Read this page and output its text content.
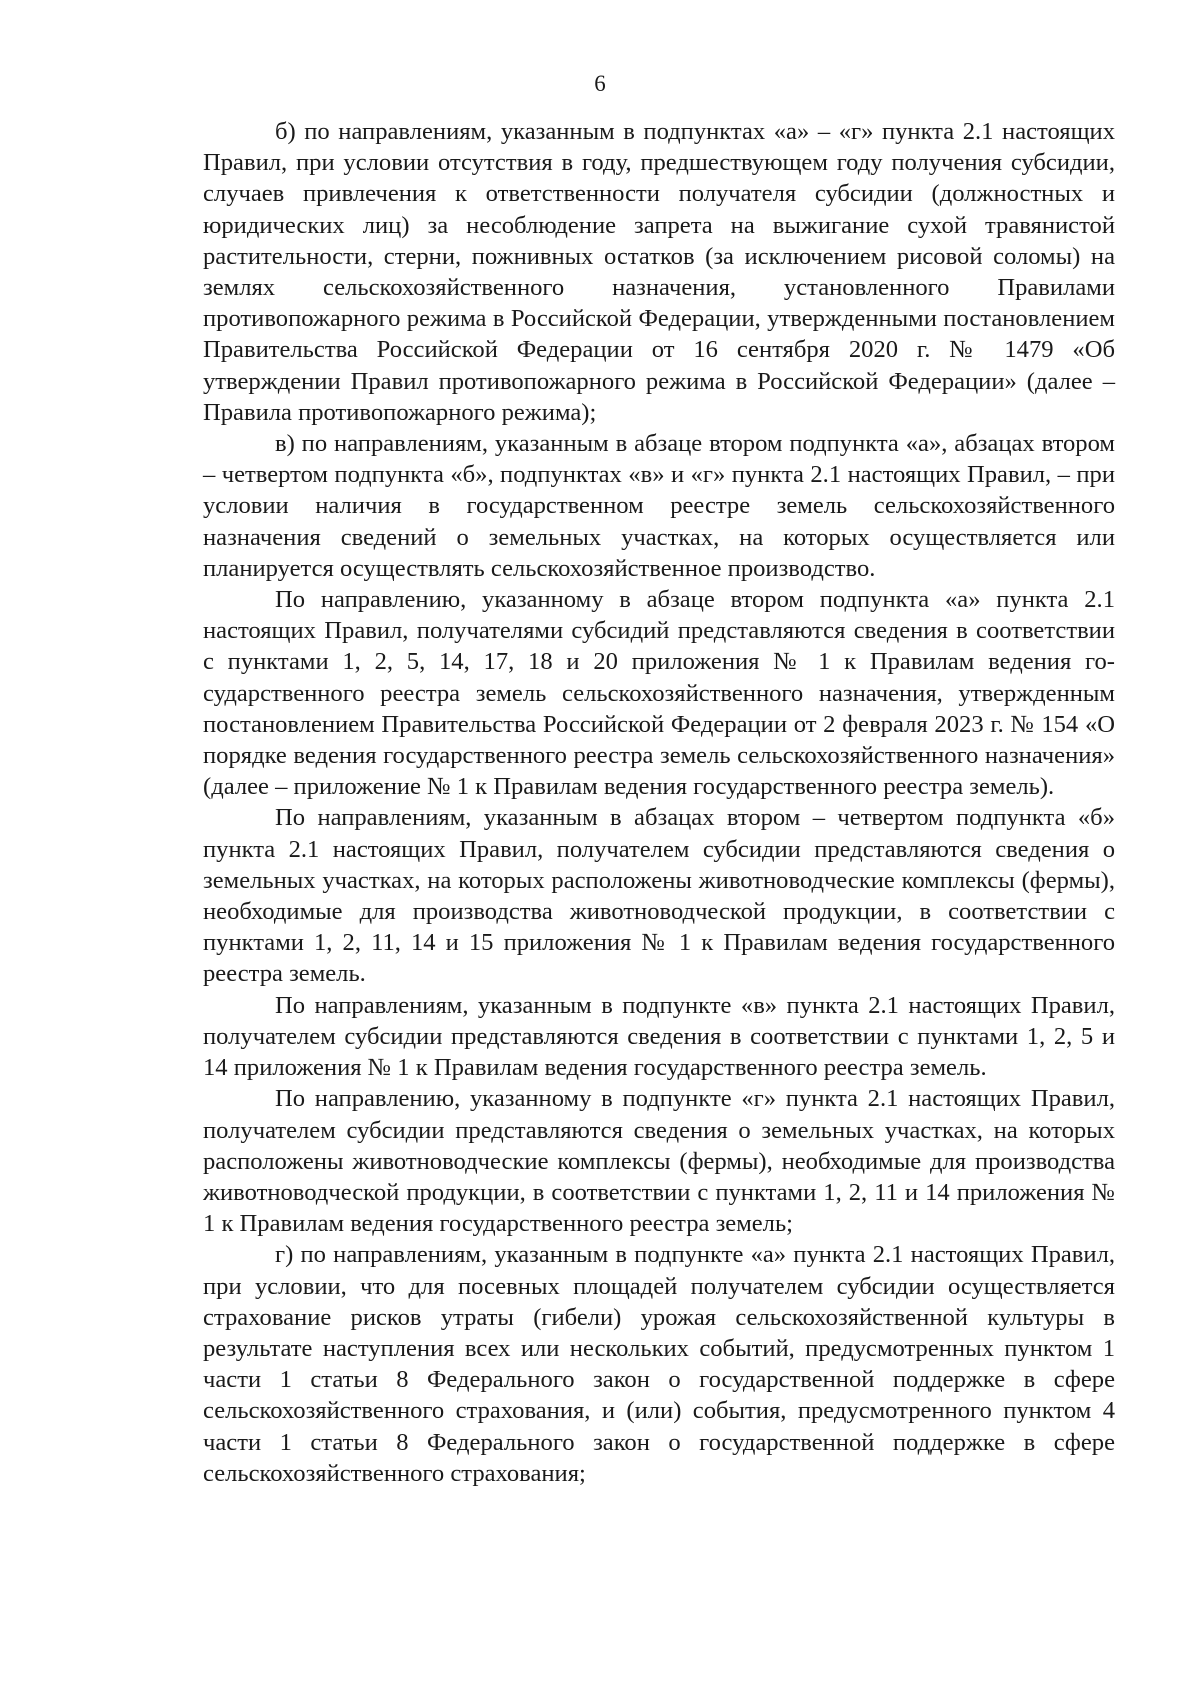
6

б) по направлениям, указанным в подпунктах «а» – «г» пункта 2.1 настоящих Правил, при условии отсутствия в году, предшествующем году получения субсидии, случаев привлечения к ответственности получателя субсидии (должностных и юридических лиц) за несоблюдение запрета на выжигание сухой травянистой растительности, стерни, пожнивных остатков (за исключением рисовой соломы) на землях сельскохозяйственного назначения, установленного Правилами противопожарного режима в Российской Федерации, утвержденными постановлением Правительства Российской Федерации от 16 сентября 2020 г. № 1479 «Об утверждении Правил противопожарного режима в Российской Федерации» (далее – Правила противопожарного режима);

в) по направлениям, указанным в абзаце втором подпункта «а», абзацах втором – четвертом подпункта «б», подпунктах «в» и «г» пункта 2.1 настоящих Правил, – при условии наличия в государственном реестре земель сельскохозяйственного назначения сведений о земельных участках, на которых осуществляется или планируется осуществлять сельскохозяйственное производство.

По направлению, указанному в абзаце втором подпункта «а» пункта 2.1 настоящих Правил, получателями субсидий представляются сведения в соответствии с пунктами 1, 2, 5, 14, 17, 18 и 20 приложения № 1 к Правилам ведения государственного реестра земель сельскохозяйственного назначения, утвержденным постановлением Правительства Российской Федерации от 2 февраля 2023 г. № 154 «О порядке ведения государственного реестра земель сельскохозяйственного назначения» (далее – приложение № 1 к Правилам ведения государственного реестра земель).

По направлениям, указанным в абзацах втором – четвертом подпункта «б» пункта 2.1 настоящих Правил, получателем субсидии представляются сведения о земельных участках, на которых расположены животноводческие комплексы (фермы), необходимые для производства животноводческой продукции, в соответствии с пунктами 1, 2, 11, 14 и 15 приложения № 1 к Правилам ведения государственного реестра земель.

По направлениям, указанным в подпункте «в» пункта 2.1 настоящих Правил, получателем субсидии представляются сведения в соответствии с пунктами 1, 2, 5 и 14 приложения № 1 к Правилам ведения государственного реестра земель.

По направлению, указанному в подпункте «г» пункта 2.1 настоящих Правил, получателем субсидии представляются сведения о земельных участках, на которых расположены животноводческие комплексы (фермы), необходимые для производства животноводческой продукции, в соответствии с пунктами 1, 2, 11 и 14 приложения № 1 к Правилам ведения государственного реестра земель;

г) по направлениям, указанным в подпункте «а» пункта 2.1 настоящих Правил, при условии, что для посевных площадей получателем субсидии осуществляется страхование рисков утраты (гибели) урожая сельскохозяйственной культуры в результате наступления всех или нескольких событий, предусмотренных пунктом 1 части 1 статьи 8 Федерального закон о государственной поддержке в сфере сельскохозяйственного страхования, и (или) события, предусмотренного пунктом 4 части 1 статьи 8 Федерального закон о государственной поддержке в сфере сельскохозяйственного страхования;
